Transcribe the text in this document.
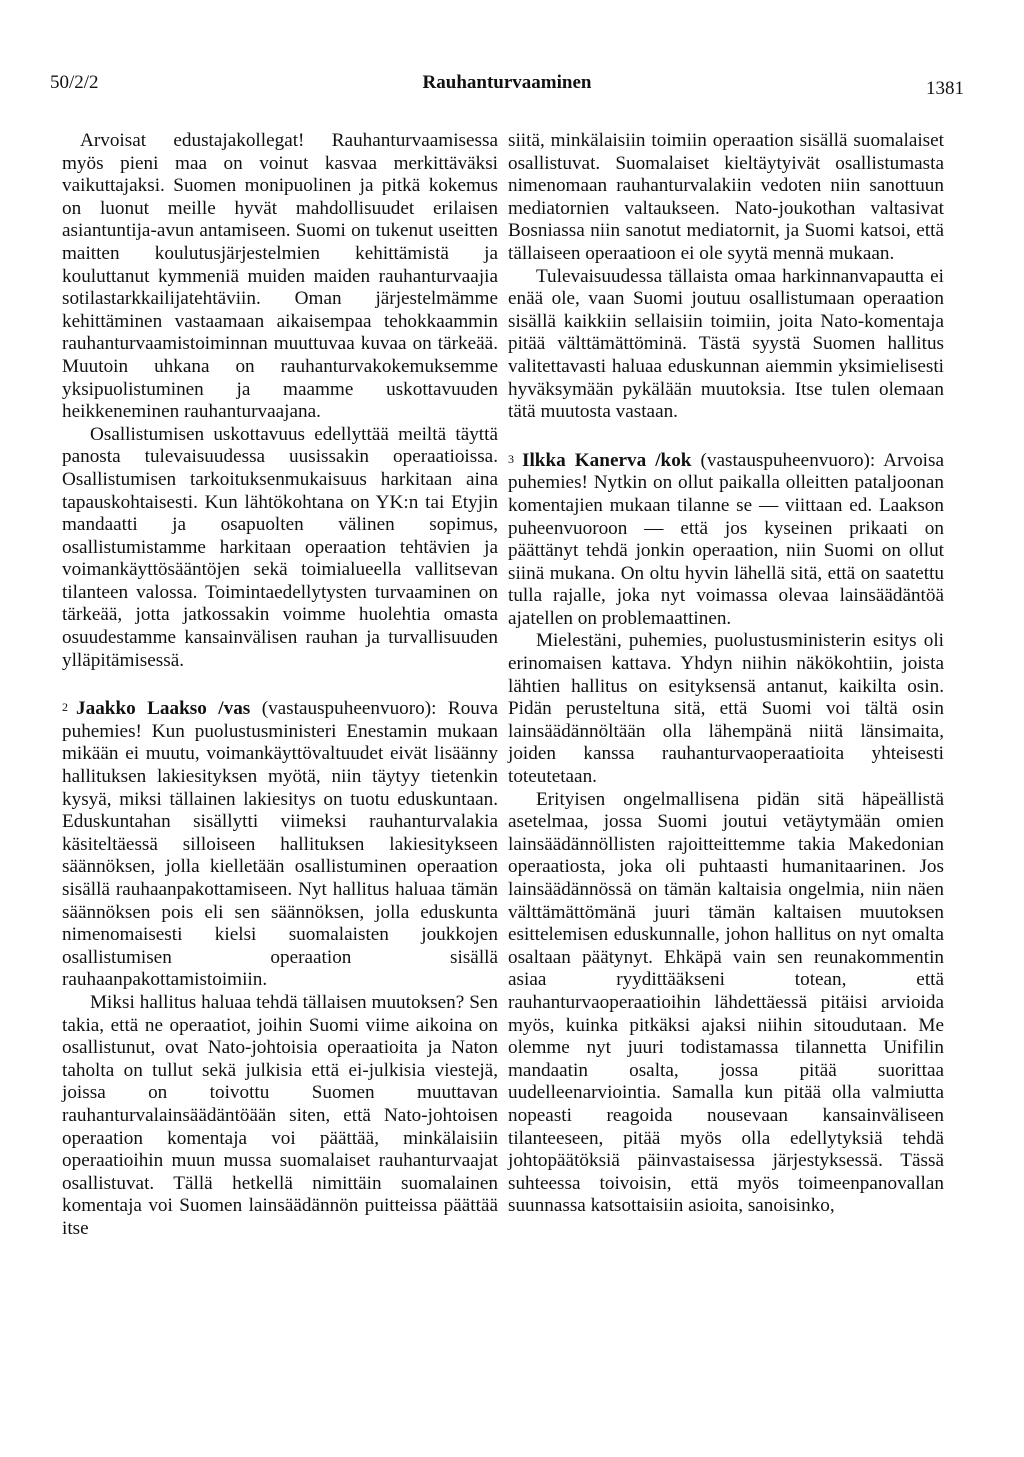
50/2/2	Rauhanturvaaminen	1381

Arvoisat edustajakollegat! Rauhanturvaamisessa myös pieni maa on voinut kasvaa merkittäväksi vaikuttajaksi. Suomen monipuolinen ja pitkä kokemus on luonut meille hyvät mahdollisuudet erilaisen asiantuntija-avun antamiseen. Suomi on tukenut useitten maitten koulutusjärjestelmien kehittämistä ja kouluttanut kymmeniä muiden maiden rauhanturvaajia sotilastarkkailijatehtäviin. Oman järjestelmämme kehittäminen vastaamaan aikaisempaa tehokkaammin rauhanturvaamistoiminnan muuttuvaa kuvaa on tärkeää. Muutoin uhkana on rauhanturvakokemuksemme yksipuolistuminen ja maamme uskottavuuden heikkeneminen rauhanturvaajana.

Osallistumisen uskottavuus edellyttää meiltä täyttä panosta tulevaisuudessa uusissakin operaatioissa. Osallistumisen tarkoituksenmukaisuus harkitaan aina tapauskohtaisesti. Kun lähtökohtana on YK:n tai Etyjin mandaatti ja osapuolten välinen sopimus, osallistumistamme harkitaan operaation tehtävien ja voimankäyttösääntöjen sekä toimialueella vallitsevan tilanteen valossa. Toimintaedellytysten turvaaminen on tärkeää, jotta jatkossakin voimme huolehtia omasta osuudestamme kansainvälisen rauhan ja turvallisuuden ylläpitämisessä.

$^2$ Jaakko Laakso /vas (vastauspuheenvuoro): Rouva puhemies! Kun puolustusministeri Enestamin mukaan mikään ei muutu, voimankäyttövaltuudet eivät lisäänny hallituksen lakiesityksen myötä, niin täytyy tietenkin kysyä, miksi tällainen lakiesitys on tuotu eduskuntaan. Eduskuntahan sisällytti viimeksi rauhanturvalakia käsiteltäessä silloiseen hallituksen lakiesitykseen säännöksen, jolla kielletään osallistuminen operaation sisällä rauhaanpakottamiseen. Nyt hallitus haluaa tämän säännöksen pois eli sen säännöksen, jolla eduskunta nimenomaisesti kielsi suomalaisten joukkojen osallistumisen operaation sisällä rauhaanpakottamistoimiin.

Miksi hallitus haluaa tehdä tällaisen muutoksen? Sen takia, että ne operaatiot, joihin Suomi viime aikoina on osallistunut, ovat Nato-johtoisia operaatioita ja Naton taholta on tullut sekä julkisia että ei-julkisia viestejä, joissa on toivottu Suomen muuttavan rauhanturvalainsäädäntöään siten, että Nato-johtoisen operaation komentaja voi päättää, minkälaisiin operaatioihin muun mussa suomalaiset rauhanturvaajat osallistuvat. Tällä hetkellä nimittäin suomalainen komentaja voi Suomen lainsäädännön puitteissa päättää itse

siitä, minkälaisiin toimiin operaation sisällä suomalaiset osallistuvat. Suomalaiset kieltäytyivät osallistumasta nimenomaan rauhanturvalakiin vedoten niin sanottuun mediatornien valtaukseen. Nato-joukothan valtasivat Bosniassa niin sanotut mediatornit, ja Suomi katsoi, että tällaiseen operaatioon ei ole syytä mennä mukaan.

Tulevaisuudessa tällaista omaa harkinnanvapautta ei enää ole, vaan Suomi joutuu osallistumaan operaation sisällä kaikkiin sellaisiin toimiin, joita Nato-komentaja pitää välttämättöminä. Tästä syystä Suomen hallitus valitettavasti haluaa eduskunnan aiemmin yksimielisesti hyväksymään pykälään muutoksia. Itse tulen olemaan tätä muutosta vastaan.

$^3$ Ilkka Kanerva /kok (vastauspuheenvuoro): Arvoisa puhemies! Nytkin on ollut paikalla olleitten pataljoonan komentajien mukaan tilanne se — viittaan ed. Laakson puheenvuoroon — että jos kyseinen prikaati on päättänyt tehdä jonkin operaation, niin Suomi on ollut siinä mukana. On oltu hyvin lähellä sitä, että on saatettu tulla rajalle, joka nyt voimassa olevaa lainsäädäntöä ajatellen on problemaattinen.

Mielestäni, puhemies, puolustusministerin esitys oli erinomaisen kattava. Yhdyn niihin näkökohtiin, joista lähtien hallitus on esityksensä antanut, kaikilta osin. Pidän perusteltuna sitä, että Suomi voi tältä osin lainsäädännöltään olla lähempänä niitä länsimaita, joiden kanssa rauhanturvaoperaatioita yhteisesti toteutetaan.

Erityisen ongelmallisena pidän sitä häpeällistä asetelmaa, jossa Suomi joutui vetäytymään omien lainsäädännöllisten rajoitteittemme takia Makedonian operaatiosta, joka oli puhtaasti humanitaarinen. Jos lainsäädännössä on tämän kaltaisia ongelmia, niin näen välttämättömänä juuri tämän kaltaisen muutoksen esittelemisen eduskunnalle, johon hallitus on nyt omalta osaltaan päätynyt. Ehkäpä vain sen reunakommentin asiaa ryydittääkseni totean, että rauhanturvaoperaatioihin lähdettäessä pitäisi arvioida myös, kuinka pitkäksi ajaksi niihin sitoudutaan. Me olemme nyt juuri todistamassa tilannetta Unifilin mandaatin osalta, jossa pitää suorittaa uudelleenarviointia. Samalla kun pitää olla valmiutta nopeasti reagoida nousevaan kansainväliseen tilanteeseen, pitää myös olla edellytyksiä tehdä johtopäätöksiä päinvastaisessa järjestyksessä. Tässä suhteessa toivoisin, että myös toimeenpanovallan suunnassa katsottaisiin asioita, sanoisinko,
